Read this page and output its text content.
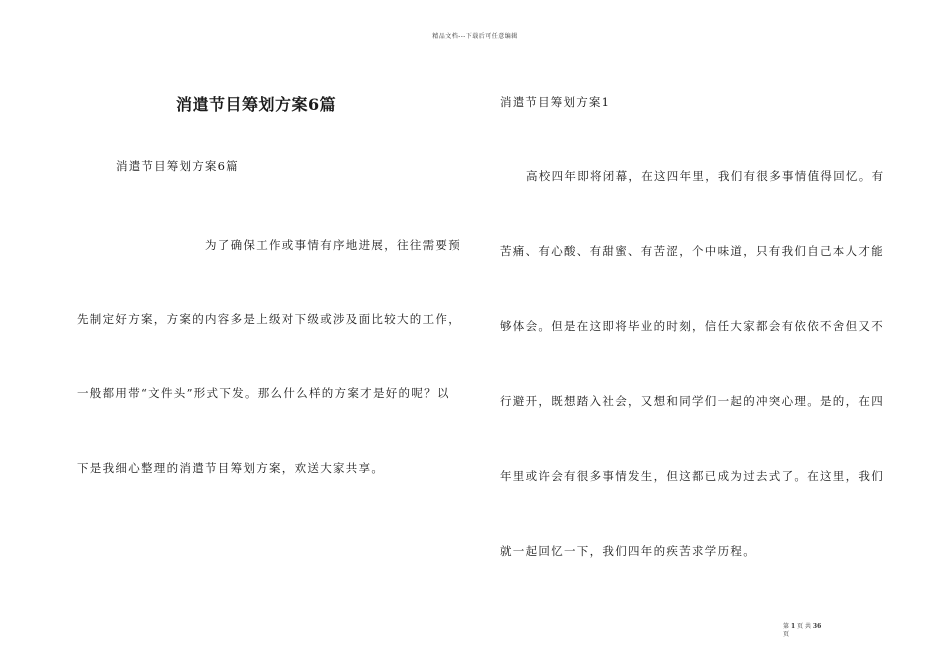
精品文档---下载后可任意编辑
消遣节目筹划方案6篇
消遣节目筹划方案6篇
为了确保工作或事情有序地进展，往往需要预
先制定好方案，方案的内容多是上级对下级或涉及面比较大的工作，
一般都用带“文件头”形式下发。那么什么样的方案才是好的呢？以
下是我细心整理的消遣节目筹划方案，欢送大家共享。
消遣节目筹划方案1
高校四年即将闭幕，在这四年里，我们有很多事情值得回忆。有
苦痛、有心酸、有甜蜜、有苦涩，个中味道，只有我们自己本人才能
够体会。但是在这即将毕业的时刻，信任大家都会有依依不舍但又不
行避开，既想踏入社会，又想和同学们一起的冲突心理。是的，在四
年里或许会有很多事情发生，但这都已成为过去式了。在这里，我们
就一起回忆一下，我们四年的疾苦求学历程。
第 1 页 共 36
页
